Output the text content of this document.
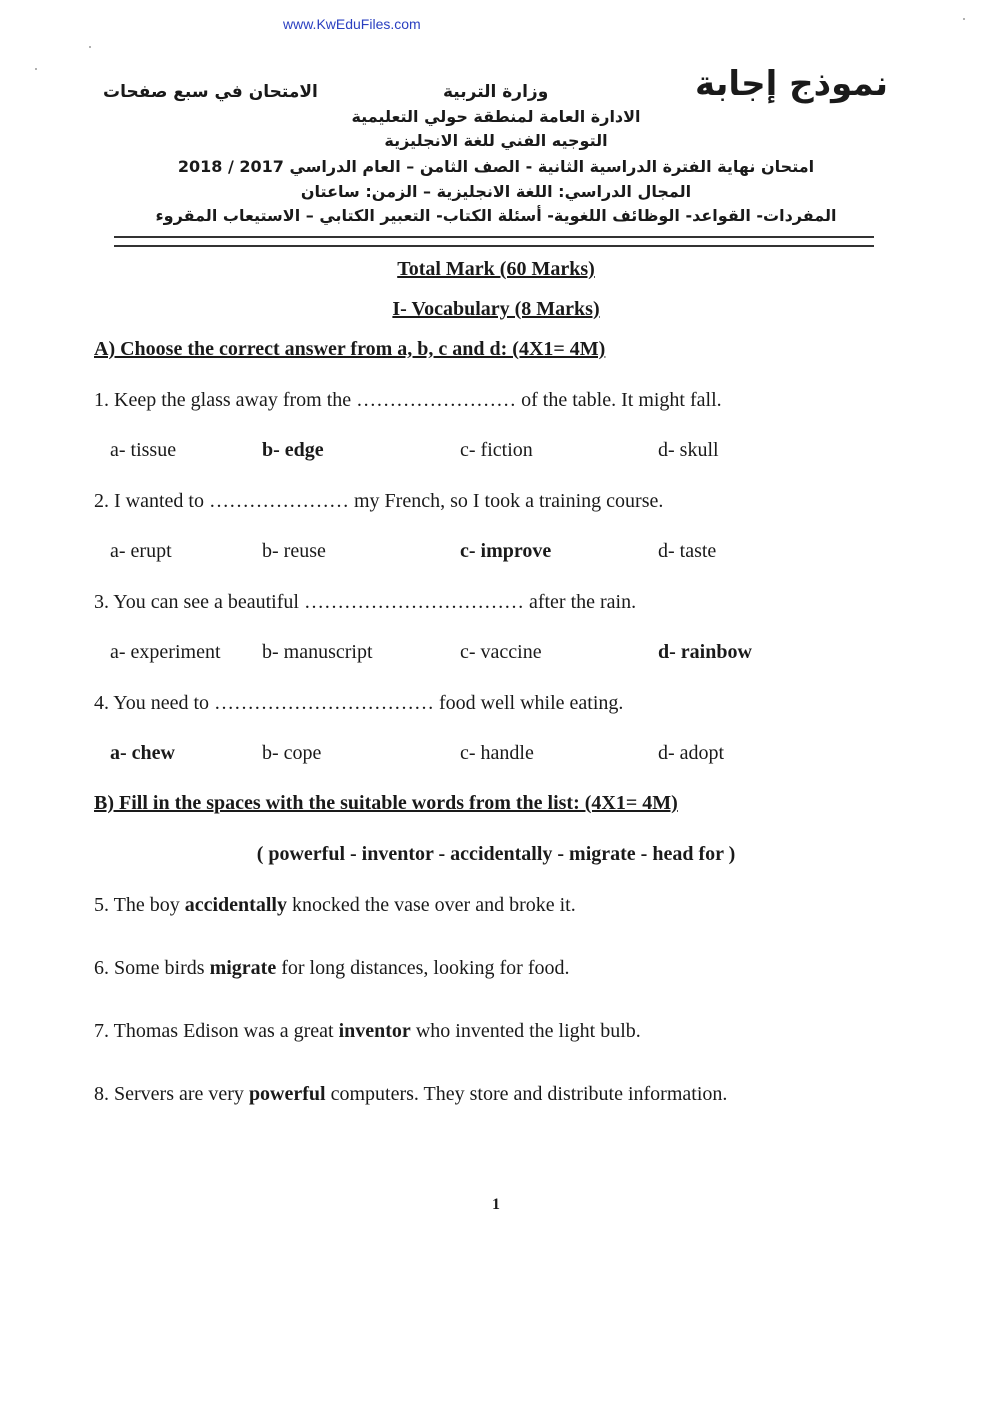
www.KwEduFiles.com
نموذج إجابة
وزارة التربية
الامتحان في سبع صفحات
الادارة العامة لمنطقة حولي التعليمية
التوجيه الفني للغة الانجليزية
امتحان نهاية الفترة الدراسية الثانية - الصف الثامن – العام الدراسي 2017 / 2018
المجال الدراسي: اللغة الانجليزية – الزمن: ساعتان
المفردات- القواعد- الوظائف اللغوية- أسئلة الكتاب- التعبير الكتابي – الاستيعاب المقروء
Total Mark (60 Marks)
I- Vocabulary (8 Marks)
A) Choose the correct answer from a, b, c and d: (4X1= 4M)
1. Keep the glass away from the …………………… of the table. It might fall.
a- tissue	b- edge	c- fiction	d- skull
2. I wanted to ………………… my French, so I took a training course.
a- erupt	b- reuse	c- improve	d- taste
3. You can see a beautiful …………………………… after the rain.
a- experiment b- manuscript	c- vaccine	d- rainbow
4. You need to …………………………… food well while eating.
a- chew	b- cope	c- handle	d- adopt
B) Fill in the spaces with the suitable words from the list: (4X1= 4M)
( powerful - inventor - accidentally - migrate - head for )
5. The boy accidentally knocked the vase over and broke it.
6. Some birds migrate for long distances, looking for food.
7. Thomas Edison was a great inventor who invented the light bulb.
8. Servers are very powerful computers. They store and distribute information.
1
